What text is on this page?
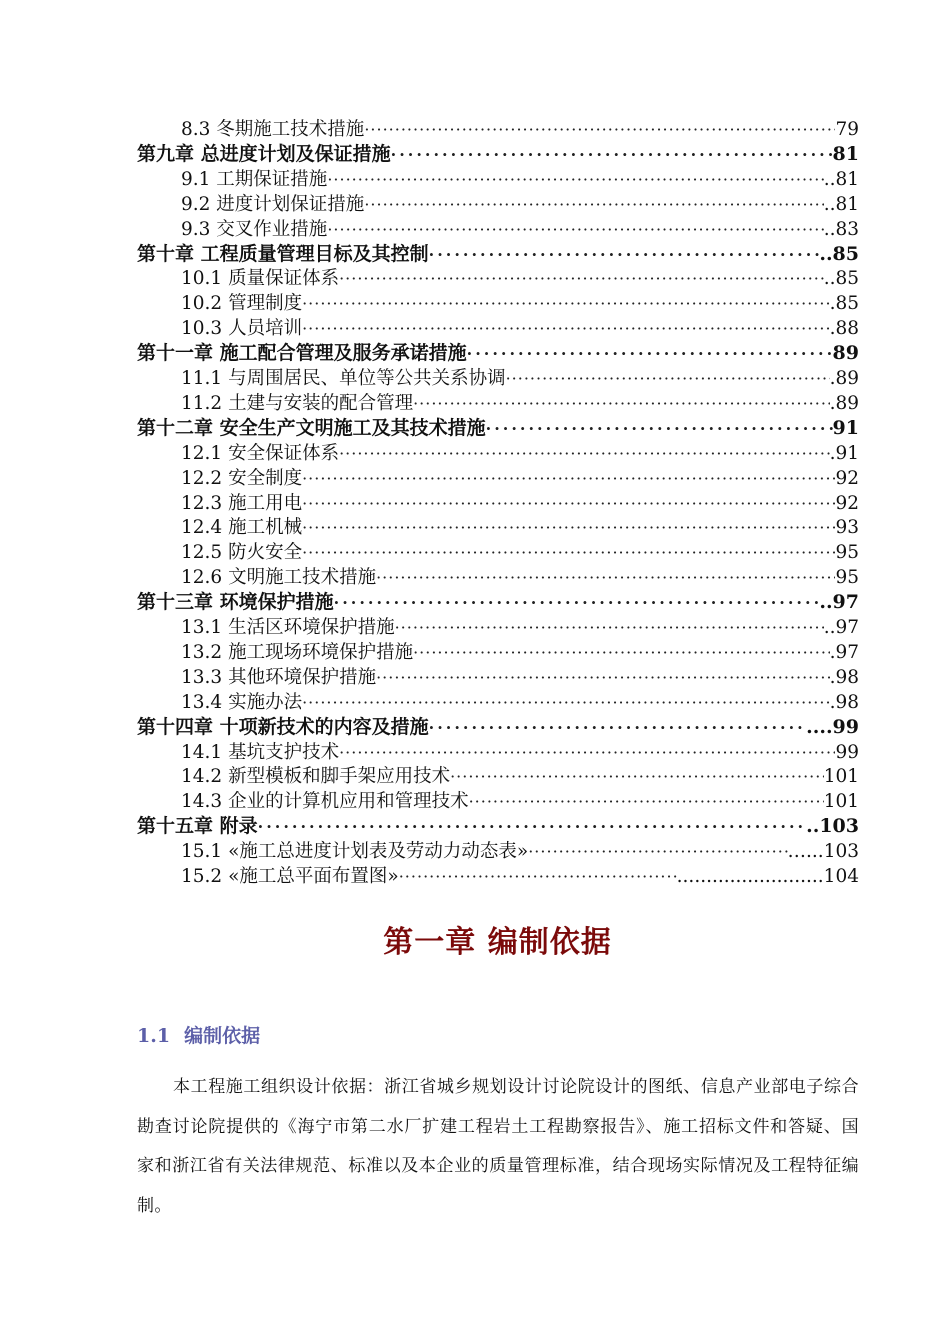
8.3 冬期施工技术措施 ·····	79
第九章 总进度计划及保证措施 ·····	81
9.1 工期保证措施 ·····	..81
9.2 进度计划保证措施 ·····	..81
9.3 交叉作业措施 ·····	..83
第十章 工程质量管理目标及其控制 ·····	..85
10.1 质量保证体系 ·····	..85
10.2 管理制度 ·····	.85
10.3 人员培训 ·····	.88
第十一章 施工配合管理及服务承诺措施 ·····	89
11.1 与周围居民、单位等公共关系协调 ·····	.89
11.2 土建与安装的配合管理 ·····	.89
第十二章 安全生产文明施工及其技术措施 ·····	91
12.1 安全保证体系 ·····	.91
12.2 安全制度 ·····	92
12.3 施工用电 ·····	92
12.4 施工机械 ·····	93
12.5 防火安全 ·····	95
12.6 文明施工技术措施 ·····	95
第十三章 环境保护措施 ·····	..97
13.1 生活区环境保护措施 ·····	..97
13.2 施工现场环境保护措施 ·····	.97
13.3 其他环境保护措施 ·····	.98
13.4 实施办法 ·····	.98
第十四章 十项新技术的内容及措施 ·····	....99
14.1 基坑支护技术 ·····	99
14.2 新型模板和脚手架应用技术 ·····	101
14.3 企业的计算机应用和管理技术 ·····	101
第十五章 附录 ·····	..103
15.1 «施工总进度计划表及劳动力动态表» ·····	…...103
15.2 «施工总平面布置图» ·····	.........................104
第一章 编制依据
1.1 编制依据
本工程施工组织设计依据：浙江省城乡规划设计讨论院设计的图纸、信息产业部电子综合勘查讨论院提供的《海宁市第二水厂扩建工程岩土工程勘察报告》、施工招标文件和答疑、国家和浙江省有关法律规范、标准以及本企业的质量管理标准，结合现场实际情况及工程特征编制。
